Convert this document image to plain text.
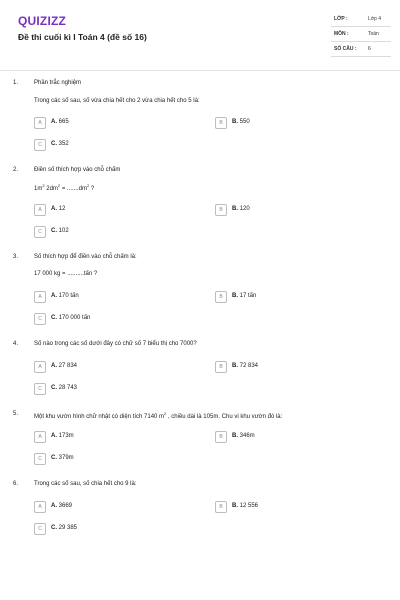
QUIZIZZ
Đề thi cuối kì I Toán 4 (đề số 16)
LỚP :	Lớp 4
MÔN :	Toán
SỐ CÂU : 6
1.	Phần trắc nghiệm
Trong các số sau, số vừa chia hết cho 2 vừa chia hết cho 5 là:
A	A. 665	B	B. 550
C	C. 352
2.	Điền số thích hợp vào chỗ chấm
$1m^2$ $2dm^2 = .......dm^2$ ?
A	A. 12	B	B. 120
C	C. 102
3.	Số thích hợp để điền vào chỗ chấm là:
17 000 kg = ..........tấn ?
A	A. 170 tấn	B	B. 17 tấn
C	C. 170 000 tấn
4.	Số nào trong các số dưới đây có chữ số 7 biểu thị cho 7000?
A	A. 27 834	B	B. 72 834
C	C. 28 743
5.	Một khu vườn hình chữ nhật có diện tích 7140 $m^2$ , chiều dài là 105m. Chu vi khu vườn đó là:
A	A. 173m	B	B. 346m
C	C. 379m
6.	Trong các số sau, số chia hết cho 9 là:
A	A. 3669	B	B. 12 556
C	C. 29 385
